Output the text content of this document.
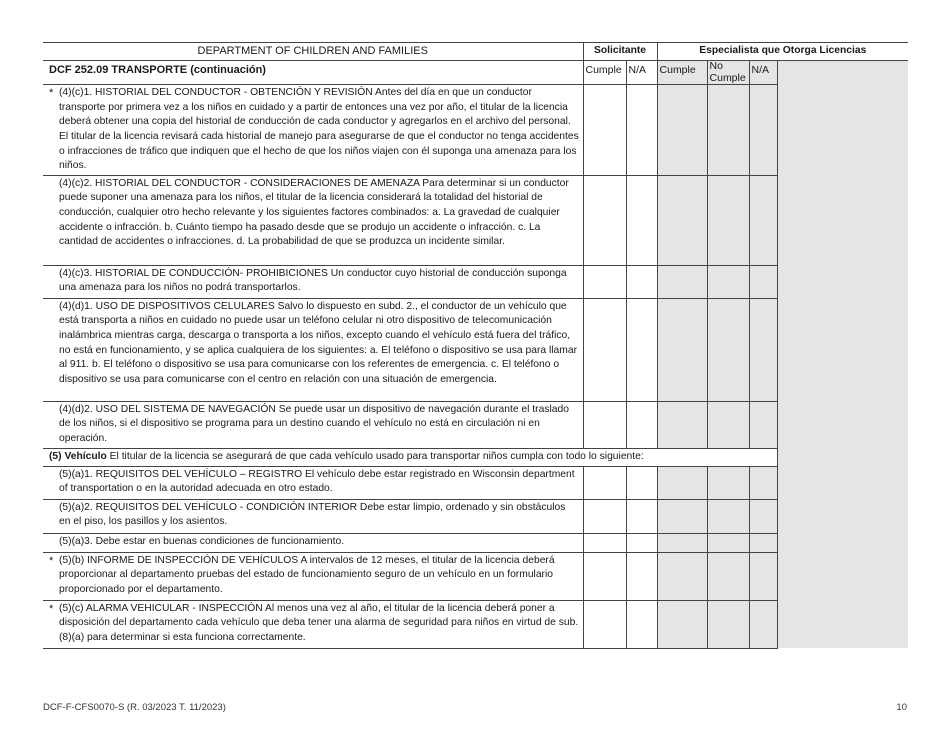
DEPARTMENT OF CHILDREN AND FAMILIES	Solicitante		Especialista que Otorga Licencias			
DCF 252.09 TRANSPORTE (continuación)	Cumple	N/A	Cumple	No Cumple	N/A	

* (4)(c)1. HISTORIAL DEL CONDUCTOR - OBTENCIÓN Y REVISIÓN Antes del día en que un conductor transporte por primera vez a los niños en cuidado y a partir de entonces una vez por año, el titular de la licencia deberá obtener una copia del historial de conducción de cada conductor y agregarlos en el archivo del personal. El titular de la licencia revisará cada historial de manejo para asegurarse de que el conductor no tenga accidentes o infracciones de tráfico que indiquen que el hecho de que los niños viajen con él suponga una amenaza para los niños.						

(4)(c)2. HISTORIAL DEL CONDUCTOR - CONSIDERACIONES DE AMENAZA Para determinar si un conductor puede suponer una amenaza para los niños, el titular de la licencia considerará la totalidad del historial de conducción, cualquier otro hecho relevante y los siguientes factores combinados: a. La gravedad de cualquier accidente o infracción. b. Cuánto tiempo ha pasado desde que se produjo un accidente o infracción. c. La cantidad de accidentes o infracciones. d. La probabilidad de que se produzca un incidente similar.						

(4)(c)3. HISTORIAL DE CONDUCCIÓN- PROHIBICIONES Un conductor cuyo historial de conducción suponga una amenaza para los niños no podrá transportarlos.						

(4)(d)1. USO DE DISPOSITIVOS CELULARES Salvo lo dispuesto en subd. 2., el conductor de un vehículo que está transporta a niños en cuidado no puede usar un teléfono celular ni otro dispositivo de telecomunicación inalámbrica mientras carga, descarga o transporta a los niños, excepto cuando el vehículo está fuera del tráfico, no está en funcionamiento, y se aplica cualquiera de los siguientes: a. El teléfono o dispositivo se usa para llamar al 911. b. El teléfono o dispositivo se usa para comunicarse con los referentes de emergencia. c. El teléfono o dispositivo se usa para comunicarse con el centro en relación con una situación de emergencia.						

(4)(d)2. USO DEL SISTEMA DE NAVEGACIÓN Se puede usar un dispositivo de navegación durante el traslado de los niños, si el dispositivo se programa para un destino cuando el vehículo no está en circulación ni en operación.						

(5) Vehículo El titular de la licencia se asegurará de que cada vehículo usado para transportar niños cumpla con todo lo siguiente:						

(5)(a)1. REQUISITOS DEL VEHÍCULO – REGISTRO El vehículo debe estar registrado en Wisconsin department of transportation o en la autoridad adecuada en otro estado.						

(5)(a)2. REQUISITOS DEL VEHÍCULO - CONDICIÓN INTERIOR Debe estar limpio, ordenado y sin obstáculos en el piso, los pasillos y los asientos.						

(5)(a)3. Debe estar en buenas condiciones de funcionamiento.						

* (5)(b) INFORME DE INSPECCIÓN DE VEHÍCULOS A intervalos de 12 meses, el titular de la licencia deberá proporcionar al departamento pruebas del estado de funcionamiento seguro de un vehículo en un formulario proporcionado por el departamento.						

* (5)(c) ALARMA VEHICULAR - INSPECCIÓN Al menos una vez al año, el titular de la licencia deberá poner a disposición del departamento cada vehículo que deba tener una alarma de seguridad para niños en virtud de sub. (8)(a) para determinar si esta funciona correctamente.						

DCF-F-CFS0070-S (R. 03/2023 T. 11/2023)	10
